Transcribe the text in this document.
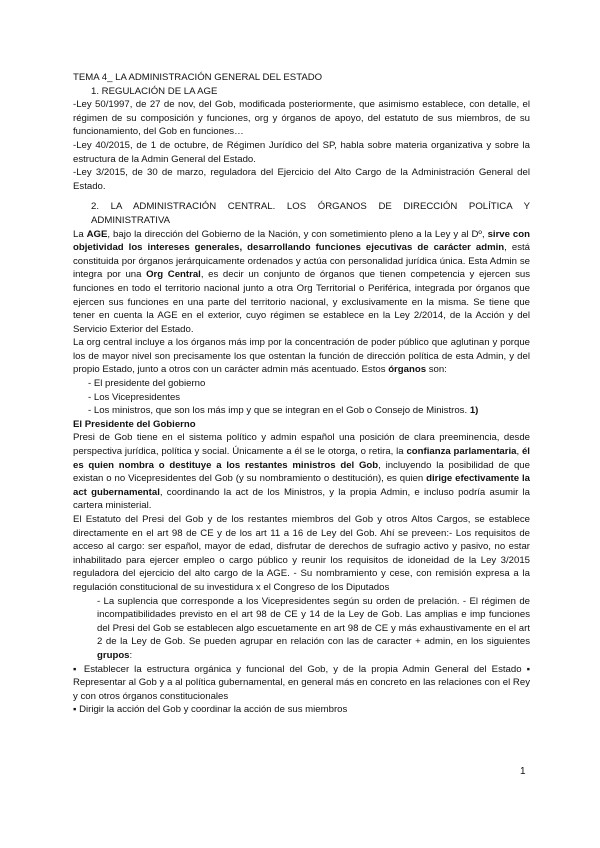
TEMA 4_ LA ADMINISTRACIÓN GENERAL DEL ESTADO

1. REGULACIÓN DE LA AGE

-Ley 50/1997, de 27 de nov, del Gob, modificada posteriormente, que asimismo establece, con detalle, el régimen de su composición y funciones, org y órganos de apoyo, del estatuto de sus miembros, de su funcionamiento, del Gob en funciones…

-Ley 40/2015, de 1 de octubre, de Régimen Jurídico del SP, habla sobre materia organizativa y sobre la estructura de la Admin General del Estado.

-Ley 3/2015, de 30 de marzo, reguladora del Ejercicio del Alto Cargo de la Administración General del Estado.

2. LA ADMINISTRACIÓN CENTRAL. LOS ÓRGANOS DE DIRECCIÓN POLÍTICA Y ADMINISTRATIVA

La AGE, bajo la dirección del Gobierno de la Nación, y con sometimiento pleno a la Ley y al Dº, sirve con objetividad los intereses generales, desarrollando funciones ejecutivas de carácter admin, está constituida por órganos jerárquicamente ordenados y actúa con personalidad jurídica única. Esta Admin se integra por una Org Central, es decir un conjunto de órganos que tienen competencia y ejercen sus funciones en todo el territorio nacional junto a otra Org Territorial o Periférica, integrada por órganos que ejercen sus funciones en una parte del territorio nacional, y exclusivamente en la misma. Se tiene que tener en cuenta la AGE en el exterior, cuyo régimen se establece en la Ley 2/2014, de la Acción y del Servicio Exterior del Estado.

La org central incluye a los órganos más imp por la concentración de poder público que aglutinan y porque los de mayor nivel son precisamente los que ostentan la función de dirección política de esta Admin, y del propio Estado, junto a otros con un carácter admin más acentuado. Estos órganos son:

- El presidente del gobierno
- Los Vicepresidentes
- Los ministros, que son los más imp y que se integran en el Gob o Consejo de Ministros. 1)

El Presidente del Gobierno

Presi de Gob tiene en el sistema político y admin español una posición de clara preeminencia, desde perspectiva jurídica, política y social. Únicamente a él se le otorga, o retira, la confianza parlamentaria, él es quien nombra o destituye a los restantes ministros del Gob, incluyendo la posibilidad de que existan o no Vicepresidentes del Gob (y su nombramiento o destitución), es quien dirige efectivamente la act gubernamental, coordinando la act de los Ministros, y la propia Admin, e incluso podría asumir la cartera ministerial.

El Estatuto del Presi del Gob y de los restantes miembros del Gob y otros Altos Cargos, se establece directamente en el art 98 de CE y de los art 11 a 16 de Ley del Gob. Ahí se preveen:- Los requisitos de acceso al cargo: ser español, mayor de edad, disfrutar de derechos de sufragio activo y pasivo, no estar inhabilitado para ejercer empleo o cargo público y reunir los requisitos de idoneidad de la Ley 3/2015 reguladora del ejercicio del alto cargo de la AGE. - Su nombramiento y cese, con remisión expresa a la regulación constitucional de su investidura x el Congreso de los Diputados

- La suplencia que corresponde a los Vicepresidentes según su orden de prelación. - El régimen de incompatibilidades previsto en el art 98 de CE y 14 de la Ley de Gob. Las amplias e imp funciones del Presi del Gob se establecen algo escuetamente en art 98 de CE y más exhaustivamente en el art 2 de la Ley de Gob. Se pueden agrupar en relación con las de caracter + admin, en los siguientes grupos:

▪ Establecer la estructura orgánica y funcional del Gob, y de la propia Admin General del Estado ▪ Representar al Gob y a al política gubernamental, en general más en concreto en las relaciones con el Rey y con otros órganos constitucionales

▪ Dirigir la acción del Gob y coordinar la acción de sus miembros

1
